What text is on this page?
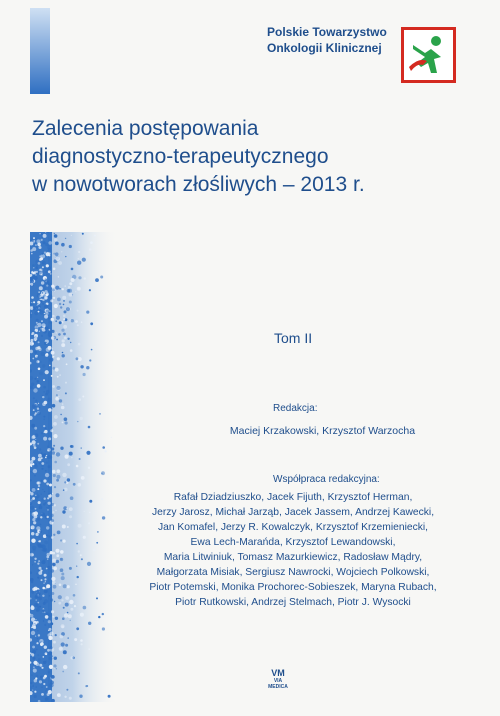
Polskie Towarzystwo
Onkologii Klinicznej
Zalecenia postępowania
diagnostyczno-terapeutycznego
w nowotworach złośliwych – 2013 r.
Tom II
Redakcja:
Maciej Krzakowski, Krzysztof Warzocha
Współpraca redakcyjna:
Rafał Dziadziuszko, Jacek Fijuth, Krzysztof Herman,
Jerzy Jarosz, Michał Jarząb, Jacek Jassem, Andrzej Kawecki,
Jan Komafel, Jerzy R. Kowalczyk, Krzysztof Krzemieniecki,
Ewa Lech-Marańda, Krzysztof Lewandowski,
Maria Litwiniuk, Tomasz Mazurkiewicz, Radosław Mądry,
Małgorzata Misiak, Sergiusz Nawrocki, Wojciech Polkowski,
Piotr Potemski, Monika Prochorec-Sobieszek, Maryna Rubach,
Piotr Rutkowski, Andrzej Stelmach, Piotr J. Wysocki
VM
VIA MEDICA
